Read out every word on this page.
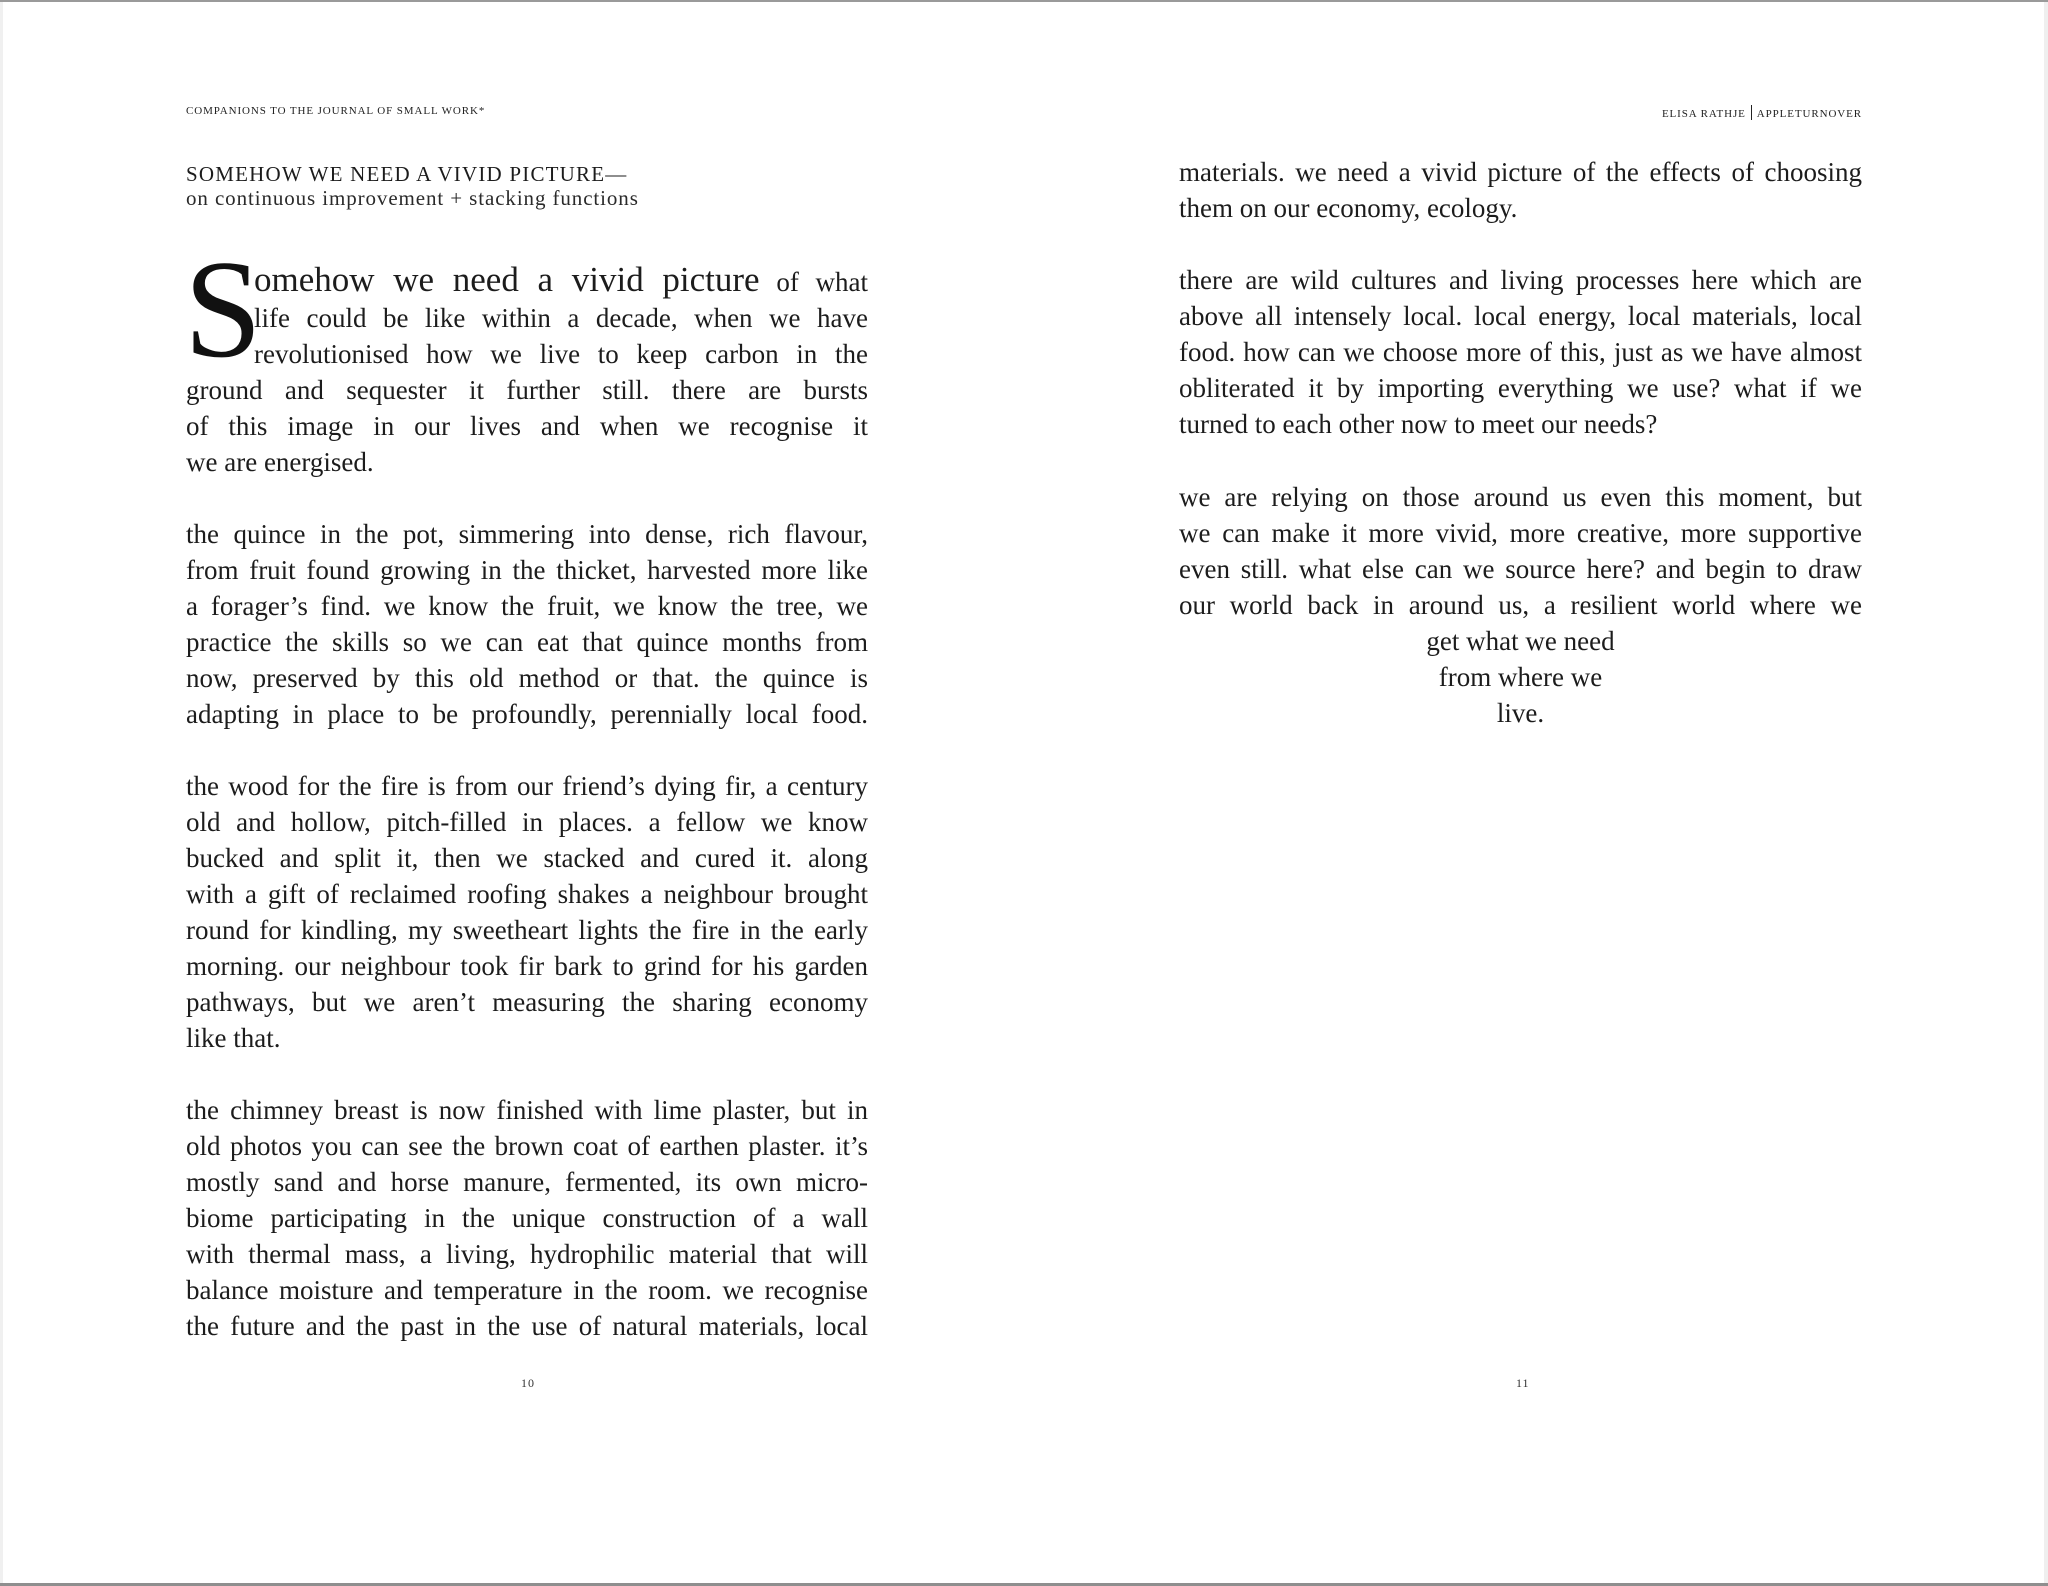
COMPANIONS TO THE JOURNAL OF SMALL WORK*
SOMEHOW WE NEED A VIVID PICTURE—
on continuous improvement + stacking functions
S
omehow we need a vivid picture of what
life could be like within a decade, when we have
revolutionised how we live to keep carbon in the
ground and sequester it further still. there are bursts
of this image in our lives and when we recognise it
we are energised.
the quince in the pot, simmering into dense, rich flavour,
from fruit found growing in the thicket, harvested more like
a forager’s find. we know the fruit, we know the tree, we
practice the skills so we can eat that quince months from
now, preserved by this old method or that. the quince is
adapting in place to be profoundly, perennially local food.
the wood for the fire is from our friend’s dying fir, a century
old and hollow, pitch-filled in places. a fellow we know
bucked and split it, then we stacked and cured it. along
with a gift of reclaimed roofing shakes a neighbour brought
round for kindling, my sweetheart lights the fire in the early
morning. our neighbour took fir bark to grind for his garden
pathways, but we aren’t measuring the sharing economy
like that.
the chimney breast is now finished with lime plaster, but in
old photos you can see the brown coat of earthen plaster. it’s
mostly sand and horse manure, fermented, its own micro-
biome participating in the unique construction of a wall
with thermal mass, a living, hydrophilic material that will
balance moisture and temperature in the room. we recognise
the future and the past in the use of natural materials, local
10
ELISA RATHJE APPLETURNOVER
materials. we need a vivid picture of the effects of choosing
them on our economy, ecology.
there are wild cultures and living processes here which are
above all intensely local. local energy, local materials, local
food. how can we choose more of this, just as we have almost
obliterated it by importing everything we use? what if we
turned to each other now to meet our needs?
we are relying on those around us even this moment, but
we can make it more vivid, more creative, more supportive
even still. what else can we source here? and begin to draw
our world back in around us, a resilient world where we
get what we need
from where we
live.
11
